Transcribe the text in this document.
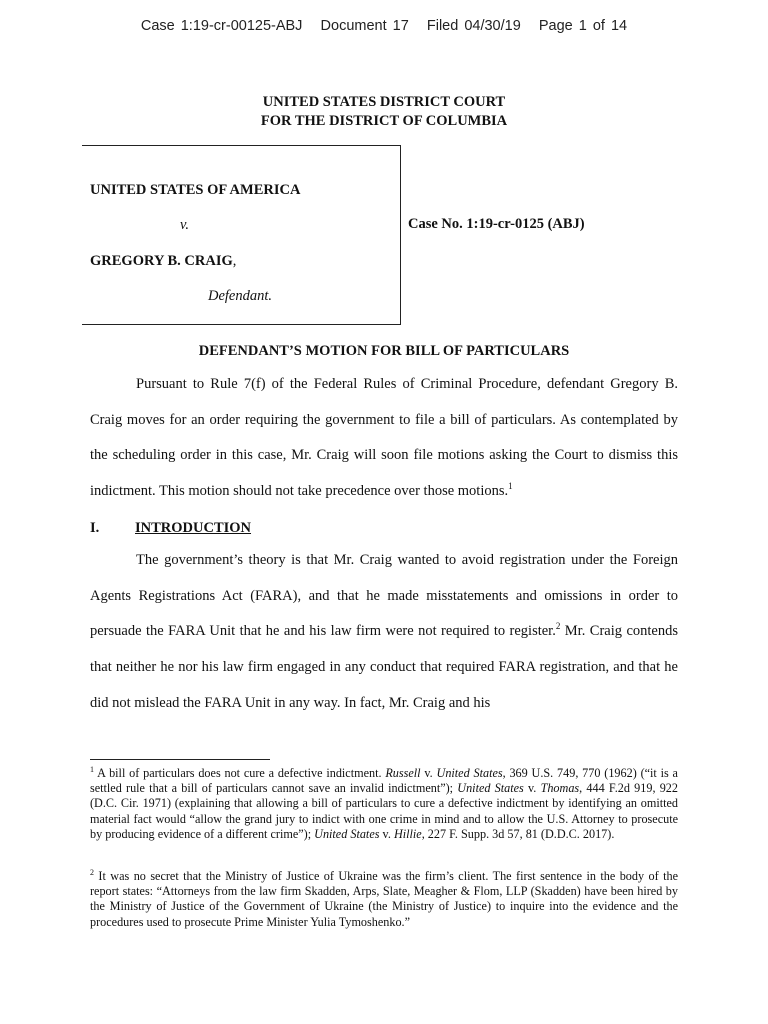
Case 1:19-cr-00125-ABJ Document 17 Filed 04/30/19 Page 1 of 14
UNITED STATES DISTRICT COURT
FOR THE DISTRICT OF COLUMBIA
UNITED STATES OF AMERICA
v.
GREGORY B. CRAIG,
Defendant.
Case No. 1:19-cr-0125 (ABJ)
DEFENDANT’S MOTION FOR BILL OF PARTICULARS

Pursuant to Rule 7(f) of the Federal Rules of Criminal Procedure, defendant Gregory B. Craig moves for an order requiring the government to file a bill of particulars. As contemplated by the scheduling order in this case, Mr. Craig will soon file motions asking the Court to dismiss this indictment. This motion should not take precedence over those motions.$^1$

I. INTRODUCTION

The government’s theory is that Mr. Craig wanted to avoid registration under the Foreign Agents Registrations Act (FARA), and that he made misstatements and omissions in order to persuade the FARA Unit that he and his law firm were not required to register.$^2$ Mr. Craig contends that neither he nor his law firm engaged in any conduct that required FARA registration, and that he did not mislead the FARA Unit in any way. In fact, Mr. Craig and his

$^1$ A bill of particulars does not cure a defective indictment. Russell v. United States, 369 U.S. 749, 770 (1962) (“it is a settled rule that a bill of particulars cannot save an invalid indictment”); United States v. Thomas, 444 F.2d 919, 922 (D.C. Cir. 1971) (explaining that allowing a bill of particulars to cure a defective indictment by identifying an omitted material fact would “allow the grand jury to indict with one crime in mind and to allow the U.S. Attorney to prosecute by producing evidence of a different crime”); United States v. Hillie, 227 F. Supp. 3d 57, 81 (D.D.C. 2017).

$^2$ It was no secret that the Ministry of Justice of Ukraine was the firm’s client. The first sentence in the body of the report states: “Attorneys from the law firm Skadden, Arps, Slate, Meagher & Flom, LLP (Skadden) have been hired by the Ministry of Justice of the Government of Ukraine (the Ministry of Justice) to inquire into the evidence and the procedures used to prosecute Prime Minister Yulia Tymoshenko.”
